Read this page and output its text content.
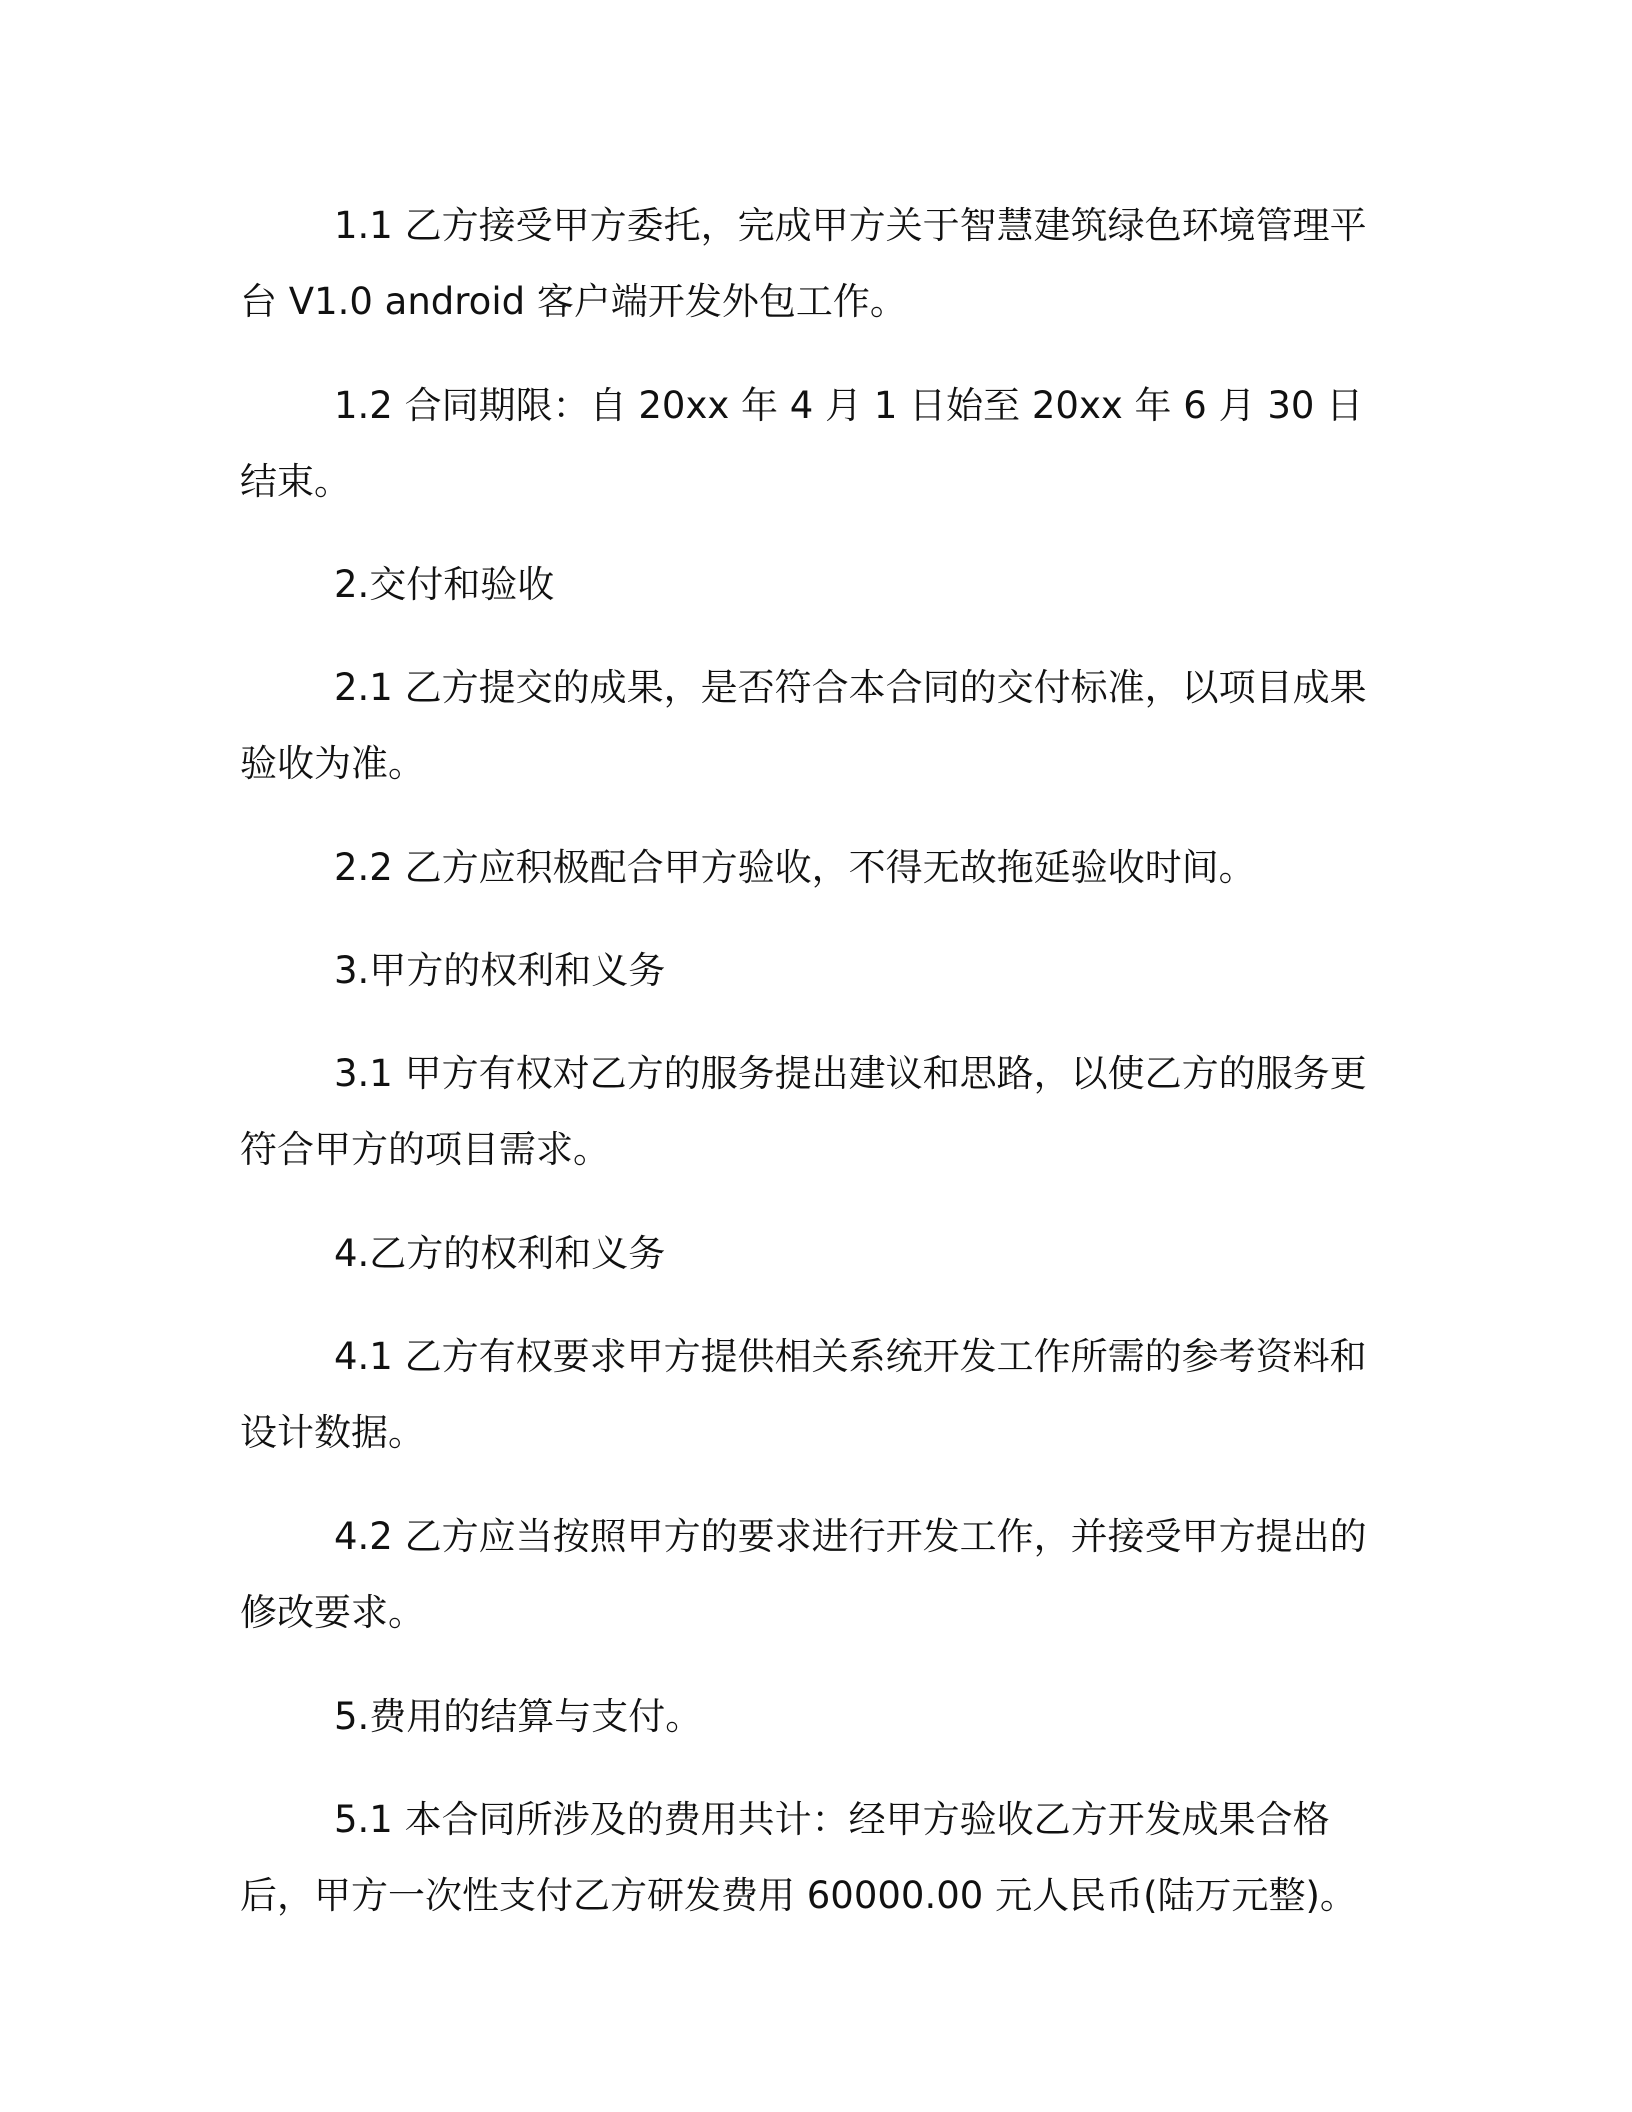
1.1 乙方接受甲方委托，完成甲方关于智慧建筑绿色环境管理平台 V1.0 android 客户端开发外包工作。

1.2 合同期限：自 20xx 年 4 月 1 日始至 20xx 年 6 月 30 日结束。

2.交付和验收

2.1 乙方提交的成果，是否符合本合同的交付标准，以项目成果验收为准。

2.2 乙方应积极配合甲方验收，不得无故拖延验收时间。

3.甲方的权利和义务

3.1 甲方有权对乙方的服务提出建议和思路，以使乙方的服务更符合甲方的项目需求。

4.乙方的权利和义务

4.1 乙方有权要求甲方提供相关系统开发工作所需的参考资料和设计数据。

4.2 乙方应当按照甲方的要求进行开发工作，并接受甲方提出的修改要求。

5.费用的结算与支付。

5.1 本合同所涉及的费用共计：经甲方验收乙方开发成果合格后，甲方一次性支付乙方研发费用 60000.00 元人民币(陆万元整)。
